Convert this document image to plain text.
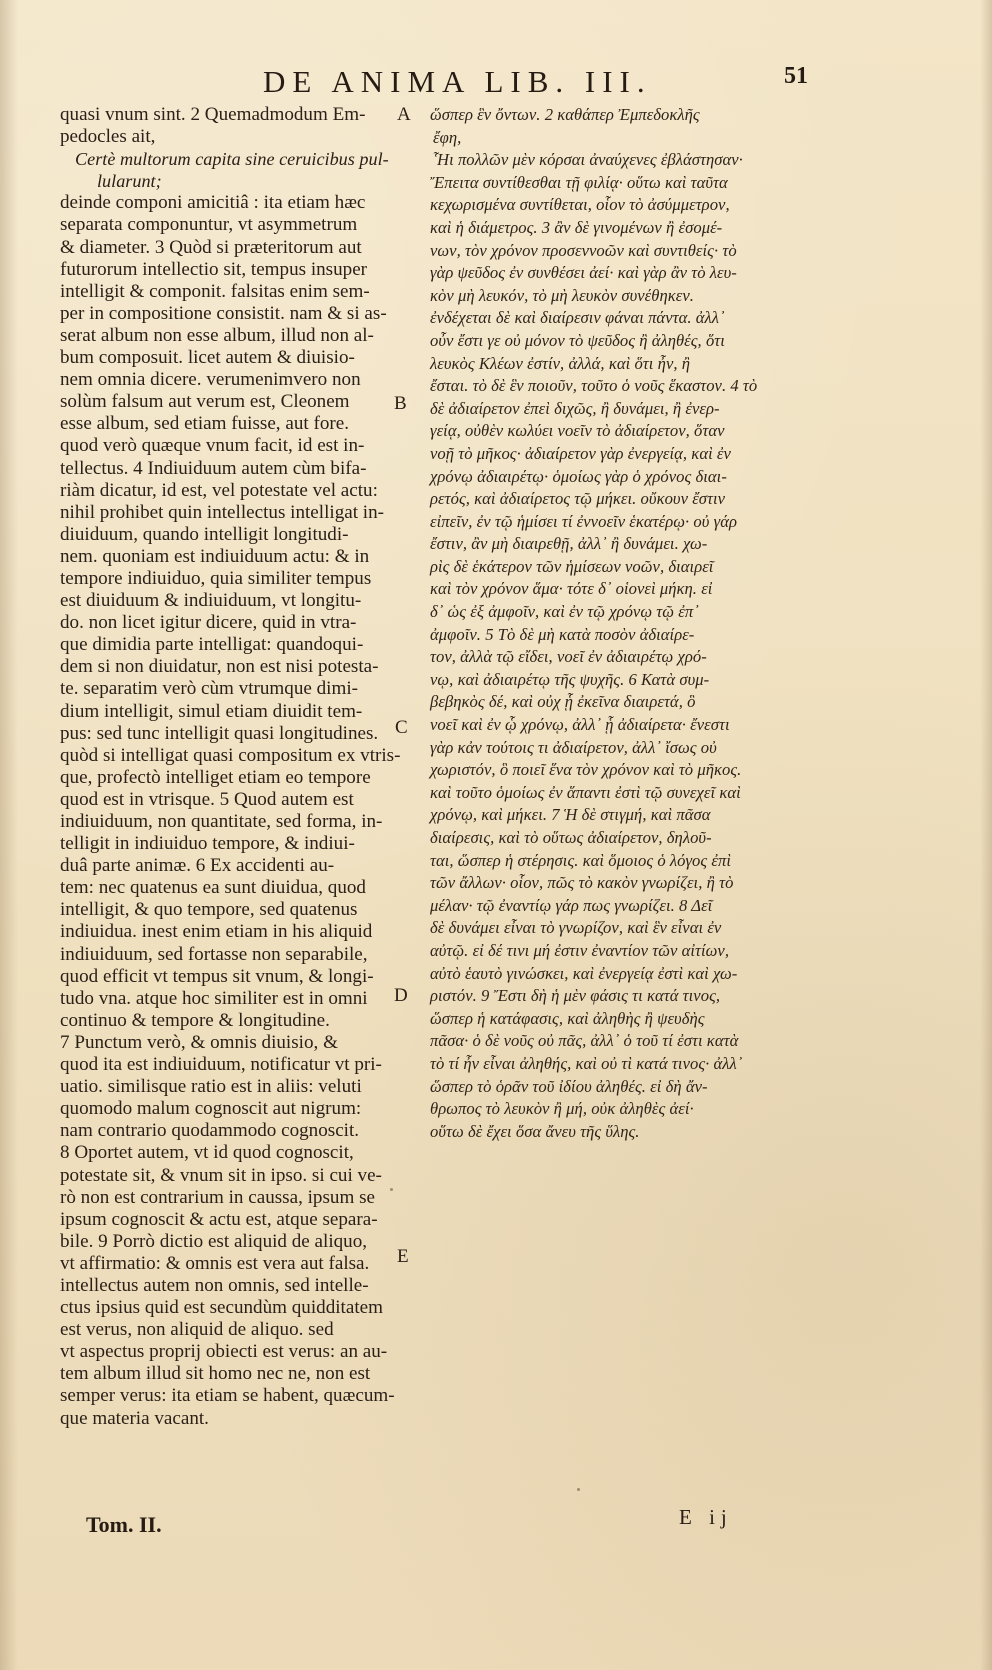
DE ANIMA LIB. III.	51
quasi vnum sint. 2 Quemadmodum Em-
pedocles ait,
Certè multorum capita sine ceruicibus pul-
lularunt;
deinde componi amicitiâ : ita etiam hæc
separata componuntur, vt asymmetrum
& diameter. 3 Quòd si præteritorum aut
futurorum intellectio sit, tempus insuper
intelligit & componit. falsitas enim sem-
per in compositione consistit. nam & si as-
serat album non esse album, illud non al-
bum composuit. licet autem & diuisio-
nem omnia dicere. verumenimvero non
solùm falsum aut verum est, Cleonem
esse album, sed etiam fuisse, aut fore.
quod verò quæque vnum facit, id est in-
tellectus. 4 Indiuiduum autem cùm bifa-
riàm dicatur, id est, vel potestate vel actu:
nihil prohibet quin intellectus intelligat in-
diuiduum, quando intelligit longitudi-
nem. quoniam est indiuiduum actu: & in
tempore indiuiduo, quia similiter tempus
est diuiduum & indiuiduum, vt longitu-
do. non licet igitur dicere, quid in vtra-
que dimidia parte intelligat: quandoqui-
dem si non diuidatur, non est nisi potesta-
te. separatim verò cùm vtrumque dimi-
dium intelligit, simul etiam diuidit tem-
pus: sed tunc intelligit quasi longitudines.
quòd si intelligat quasi compositum ex vtris-
que, profectò intelliget etiam eo tempore
quod est in vtrisque. 5 Quod autem est
indiuiduum, non quantitate, sed forma, in-
telligit in indiuiduo tempore, & indiui-
duâ parte animæ. 6 Ex accidenti au-
tem: nec quatenus ea sunt diuidua, quod
intelligit, & quo tempore, sed quatenus
indiuidua. inest enim etiam in his aliquid
indiuiduum, sed fortasse non separabile,
quod efficit vt tempus sit vnum, & longi-
tudo vna. atque hoc similiter est in omni
continuo & tempore & longitudine.
7 Punctum verò, & omnis diuisio, &
quod ita est indiuiduum, notificatur vt pri-
uatio. similisque ratio est in aliis: veluti
quomodo malum cognoscit aut nigrum:
nam contrario quodammodo cognoscit.
8 Oportet autem, vt id quod cognoscit,
potestate sit, & vnum sit in ipso. si cui ve-
rò non est contrarium in caussa, ipsum se
ipsum cognoscit & actu est, atque separa-
bile. 9 Porrò dictio est aliquid de aliquo,
vt affirmatio: & omnis est vera aut falsa.
intellectus autem non omnis, sed intelle-
ctus ipsius quid est secundùm quidditatem
est verus, non aliquid de aliquo. sed
vt aspectus proprij obiecti est verus: an au-
tem album illud sit homo nec ne, non est
semper verus: ita etiam se habent, quæcum-
que materia vacant.
A
B
C
D
E
ὥσπερ ἓν ὄντων. 2 καθάπερ Ἐμπεδοκλῆς
ἔφη,
Ἧι πολλῶν μὲν κόρσαι ἀναύχενες ἐβλάστησαν·
Ἔπειτα συντίθεσθαι τῇ φιλίᾳ· οὕτω καὶ ταῦτα
κεχωρισμένα συντίθεται, οἷον τὸ ἀσύμμετρον,
καὶ ἡ διάμετρος. 3 ἂν δὲ γινομένων ἢ ἐσομέ-
νων, τὸν χρόνον προσεννοῶν καὶ συντιθείς· τὸ
γὰρ ψεῦδος ἐν συνθέσει ἀεί· καὶ γὰρ ἂν τὸ λευ-
κὸν μὴ λευκόν, τὸ μὴ λευκὸν συνέθηκεν.
ἐνδέχεται δὲ καὶ διαίρεσιν φάναι πάντα. ἀλλ᾽
οὖν ἔστι γε οὐ μόνον τὸ ψεῦδος ἢ ἀληθές, ὅτι
λευκὸς Κλέων ἐστίν, ἀλλά, καὶ ὅτι ἦν, ἢ
ἔσται. τὸ δὲ ἓν ποιοῦν, τοῦτο ὁ νοῦς ἕκαστον. 4 τὸ
δὲ ἀδιαίρετον ἐπεὶ διχῶς, ἢ δυνάμει, ἢ ἐνερ-
γείᾳ, οὐθὲν κωλύει νοεῖν τὸ ἀδιαίρετον, ὅταν
νοῇ τὸ μῆκος· ἀδιαίρετον γὰρ ἐνεργείᾳ, καὶ ἐν
χρόνῳ ἀδιαιρέτῳ· ὁμοίως γὰρ ὁ χρόνος διαι-
ρετός, καὶ ἀδιαίρετος τῷ μήκει. οὔκουν ἔστιν
εἰπεῖν, ἐν τῷ ἡμίσει τί ἐννοεῖν ἑκατέρῳ· οὐ γάρ
ἔστιν, ἂν μὴ διαιρεθῇ, ἀλλ᾽ ἢ δυνάμει. χω-
ρὶς δὲ ἑκάτερον τῶν ἡμίσεων νοῶν, διαιρεῖ
καὶ τὸν χρόνον ἅμα· τότε δ᾽ οἱονεὶ μήκη. εἰ
δ᾽ ὡς ἐξ ἀμφοῖν, καὶ ἐν τῷ χρόνῳ τῷ ἐπ᾽
ἀμφοῖν. 5 Τὸ δὲ μὴ κατὰ ποσὸν ἀδιαίρε-
τον, ἀλλὰ τῷ εἴδει, νοεῖ ἐν ἀδιαιρέτῳ χρό-
νῳ, καὶ ἀδιαιρέτῳ τῆς ψυχῆς. 6 Κατὰ συμ-
βεβηκὸς δέ, καὶ οὐχ ᾗ ἐκεῖνα διαιρετά, ὃ
νοεῖ καὶ ἐν ᾧ χρόνῳ, ἀλλ᾽ ᾗ ἀδιαίρετα· ἔνεστι
γὰρ κἀν τούτοις τι ἀδιαίρετον, ἀλλ᾽ ἴσως οὐ
χωριστόν, ὃ ποιεῖ ἕνα τὸν χρόνον καὶ τὸ μῆκος.
καὶ τοῦτο ὁμοίως ἐν ἅπαντι ἐστὶ τῷ συνεχεῖ καὶ
χρόνῳ, καὶ μήκει. 7 Ἡ δὲ στιγμή, καὶ πᾶσα
διαίρεσις, καὶ τὸ οὕτως ἀδιαίρετον, δηλοῦ-
ται, ὥσπερ ἡ στέρησις. καὶ ὅμοιος ὁ λόγος ἐπὶ
τῶν ἄλλων· οἷον, πῶς τὸ κακὸν γνωρίζει, ἢ τὸ
μέλαν· τῷ ἐναντίῳ γάρ πως γνωρίζει. 8 Δεῖ
δὲ δυνάμει εἶναι τὸ γνωρίζον, καὶ ἓν εἶναι ἐν
αὐτῷ. εἰ δέ τινι μή ἐστιν ἐναντίον τῶν αἰτίων,
αὐτὸ ἑαυτὸ γινώσκει, καὶ ἐνεργείᾳ ἐστὶ καὶ χω-
ριστόν. 9 Ἔστι δὴ ἡ μὲν φάσις τι κατά τινος,
ὥσπερ ἡ κατάφασις, καὶ ἀληθὴς ἢ ψευδὴς
πᾶσα· ὁ δὲ νοῦς οὐ πᾶς, ἀλλ᾽ ὁ τοῦ τί ἐστι κατὰ
τὸ τί ἦν εἶναι ἀληθής, καὶ οὐ τὶ κατά τινος· ἀλλ᾽
ὥσπερ τὸ ὁρᾶν τοῦ ἰδίου ἀληθές. εἰ δὴ ἄν-
θρωπος τὸ λευκὸν ἢ μή, οὐκ ἀληθὲς ἀεί·
οὕτω δὲ ἔχει ὅσα ἄνευ τῆς ὕλης.
Tom. II.	E ij
